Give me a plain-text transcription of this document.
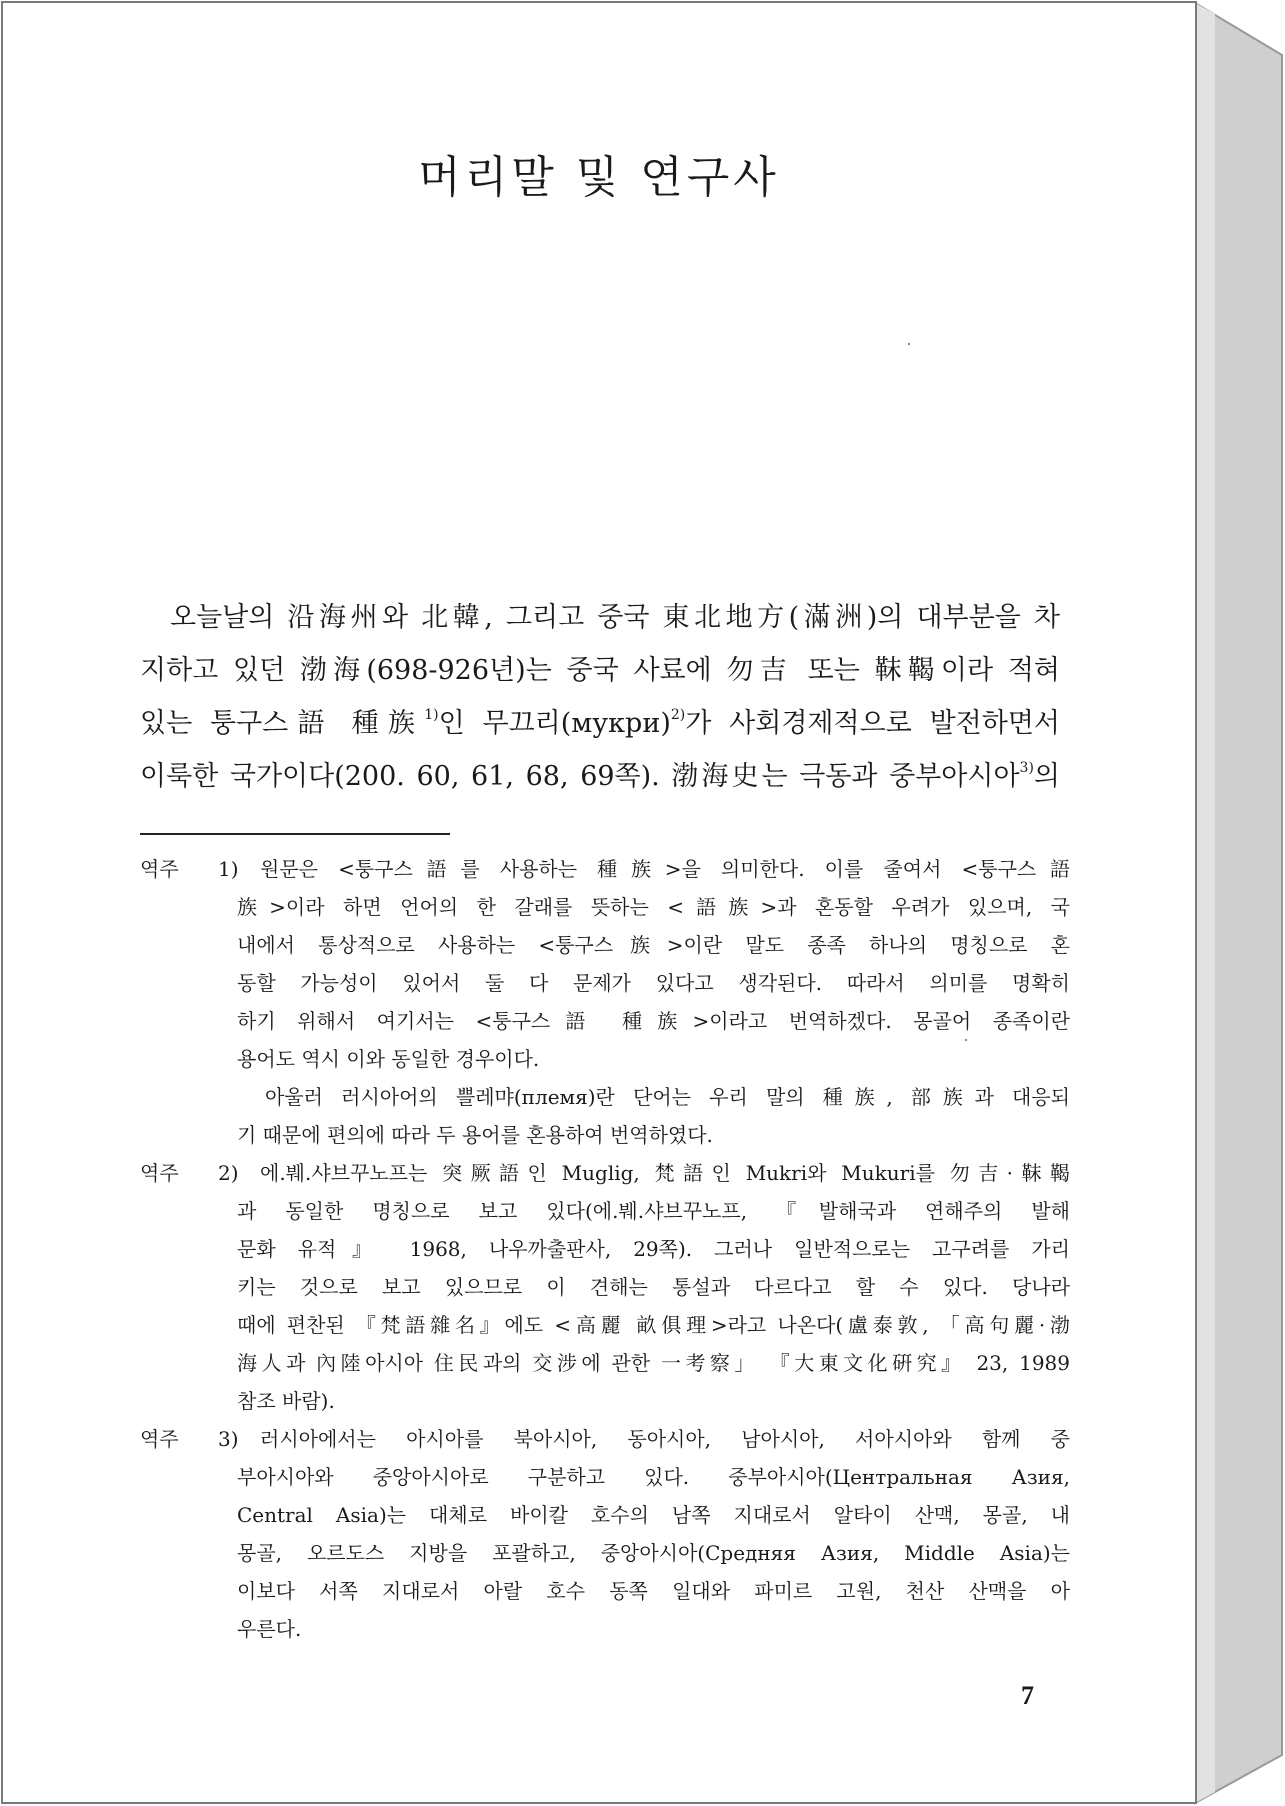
머리말 및 연구사
오늘날의 沿海州와 北韓, 그리고 중국 東北地方(滿洲)의 대부분을 차
지하고 있던 渤海(698-926년)는 중국 사료에 勿吉 또는 靺鞨이라 적혀
있는 퉁구스語 種族$^{1)}$인 무끄리(мукри)$^{2)}$가 사회경제적으로 발전하면서
이룩한 국가이다(200. 60, 61, 68, 69쪽). 渤海史는 극동과 중부아시아$^{3)}$의
역주	1) 원문은 <퉁구스語를 사용하는 種族>을 의미한다. 이를 줄여서 <퉁구스語
族>이라 하면 언어의 한 갈래를 뜻하는 <語族>과 혼동할 우려가 있으며, 국
내에서 통상적으로 사용하는 <퉁구스族>이란 말도 종족 하나의 명칭으로 혼
동할 가능성이 있어서 둘 다 문제가 있다고 생각된다. 따라서 의미를 명확히
하기 위해서 여기서는 <퉁구스語 種族>이라고 번역하겠다. 몽골어 종족이란
용어도 역시 이와 동일한 경우이다.
아울러 러시아어의 쁠레먀(племя)란 단어는 우리 말의 種族, 部族과 대응되
기 때문에 편의에 따라 두 용어를 혼용하여 번역하였다.
역주	2) 에.붸.샤브꾸노프는 突厥語인 Muglig, 梵語인 Mukri와 Mukuri를 勿吉·靺鞨
과 동일한 명칭으로 보고 있다(에.붸.샤브꾸노프, 『발해국과 연해주의 발해
문화 유적』 1968, 나우까출판사, 29쪽). 그러나 일반적으로는 고구려를 가리
키는 것으로 보고 있으므로 이 견해는 통설과 다르다고 할 수 있다. 당나라
때에 편찬된 『梵語雜名』에도 <高麗 畝俱理>라고 나온다(盧泰敦, 「高句麗·渤
海人과 內陸아시아 住民과의 交涉에 관한 一考察」 『大東文化硏究』 23, 1989
참조 바람).
역주	3) 러시아에서는 아시아를 북아시아, 동아시아, 남아시아, 서아시아와 함께 중
부아시아와 중앙아시아로 구분하고 있다. 중부아시아(Центральная Азия,
Central Asia)는 대체로 바이칼 호수의 남쪽 지대로서 알타이 산맥, 몽골, 내
몽골, 오르도스 지방을 포괄하고, 중앙아시아(Средняя Азия, Middle Asia)는
이보다 서쪽 지대로서 아랄 호수 동쪽 일대와 파미르 고원, 천산 산맥을 아
우른다.
7
